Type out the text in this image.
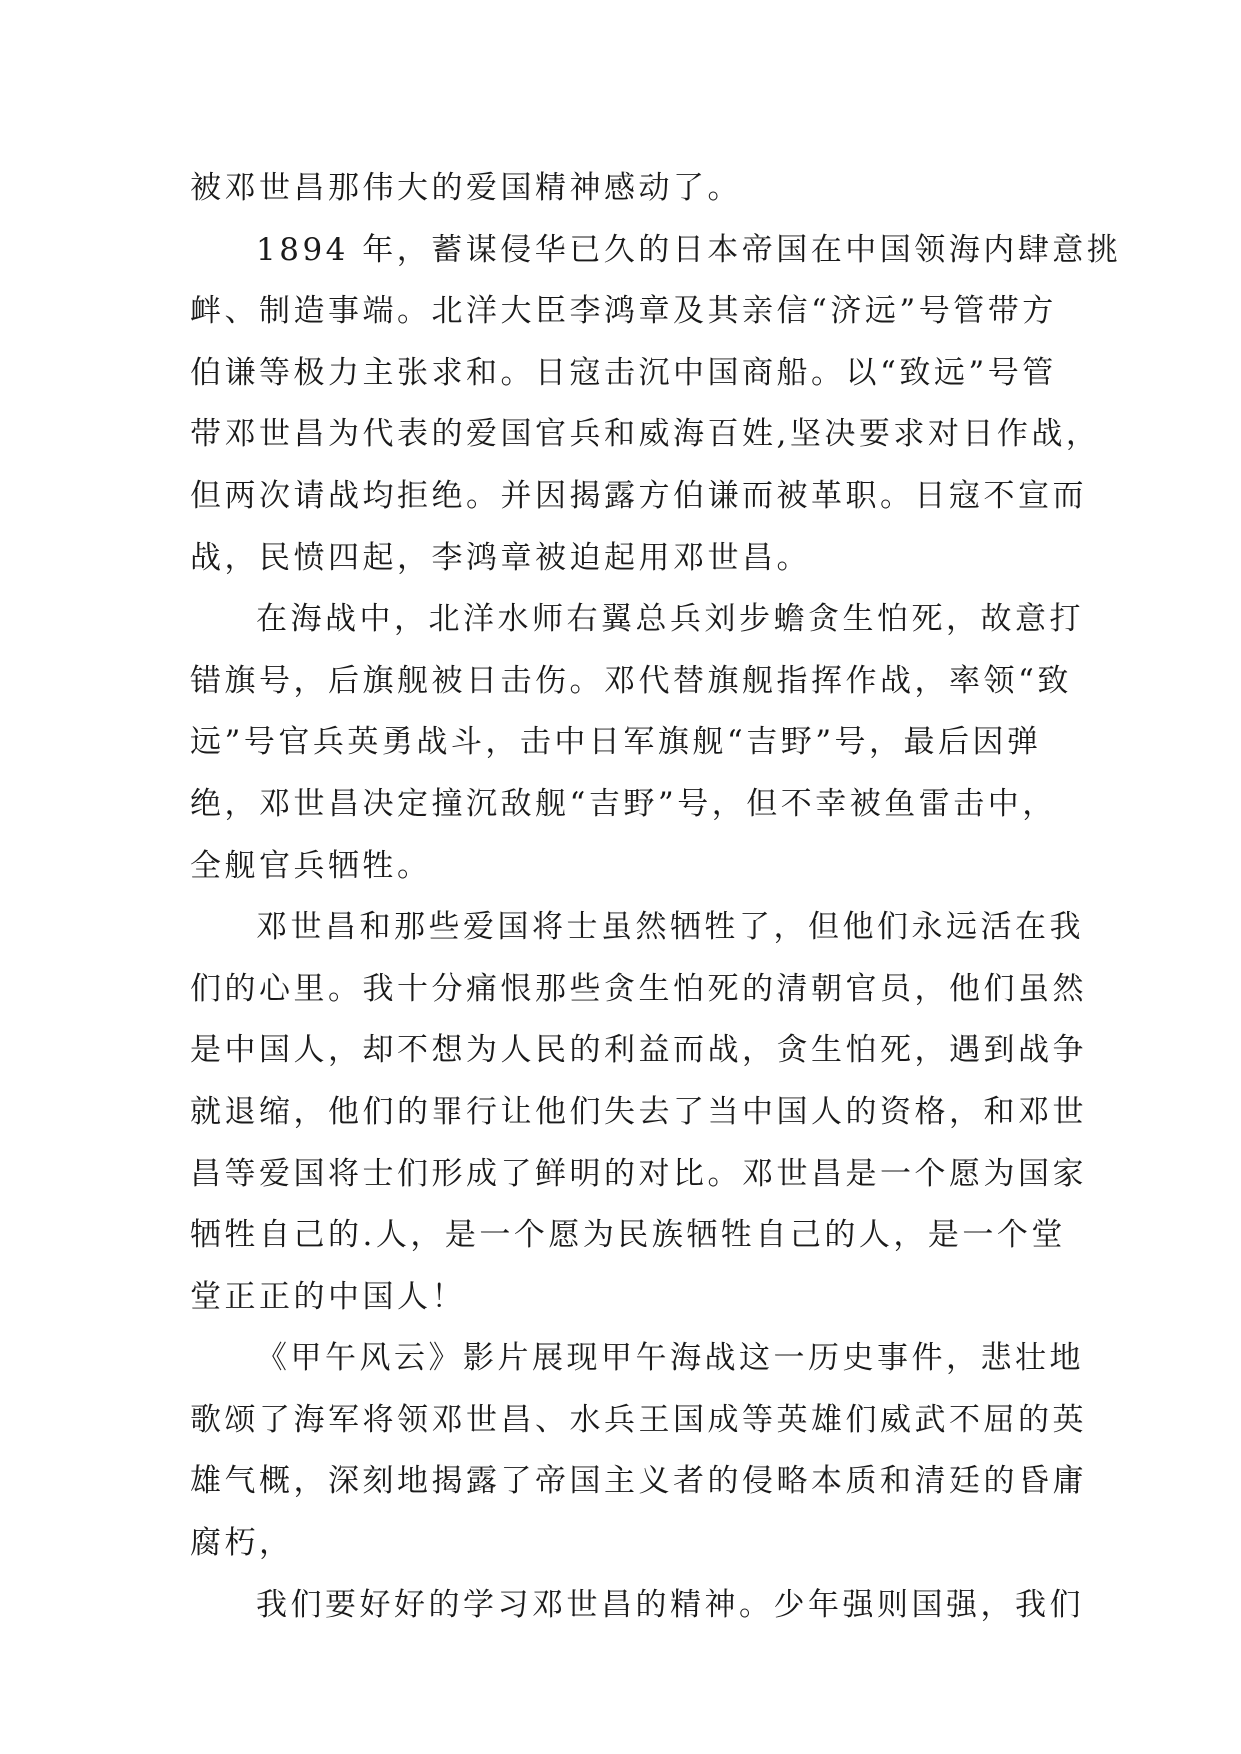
被邓世昌那伟大的爱国精神感动了。
1894 年，蓄谋侵华已久的日本帝国在中国领海内肆意挑
衅、制造事端。北洋大臣李鸿章及其亲信“济远”号管带方
伯谦等极力主张求和。日寇击沉中国商船。以“致远”号管
带邓世昌为代表的爱国官兵和威海百姓,坚决要求对日作战，
但两次请战均拒绝。并因揭露方伯谦而被革职。日寇不宣而
战，民愤四起，李鸿章被迫起用邓世昌。
在海战中，北洋水师右翼总兵刘步蟾贪生怕死，故意打
错旗号，后旗舰被日击伤。邓代替旗舰指挥作战，率领“致
远”号官兵英勇战斗，击中日军旗舰“吉野”号，最后因弹
绝，邓世昌决定撞沉敌舰“吉野”号，但不幸被鱼雷击中，
全舰官兵牺牲。
邓世昌和那些爱国将士虽然牺牲了，但他们永远活在我
们的心里。我十分痛恨那些贪生怕死的清朝官员，他们虽然
是中国人，却不想为人民的利益而战，贪生怕死，遇到战争
就退缩，他们的罪行让他们失去了当中国人的资格，和邓世
昌等爱国将士们形成了鲜明的对比。邓世昌是一个愿为国家
牺牲自己的.人，是一个愿为民族牺牲自己的人，是一个堂
堂正正的中国人！
《甲午风云》影片展现甲午海战这一历史事件，悲壮地
歌颂了海军将领邓世昌、水兵王国成等英雄们威武不屈的英
雄气概，深刻地揭露了帝国主义者的侵略本质和清廷的昏庸
腐朽，
我们要好好的学习邓世昌的精神。少年强则国强，我们
